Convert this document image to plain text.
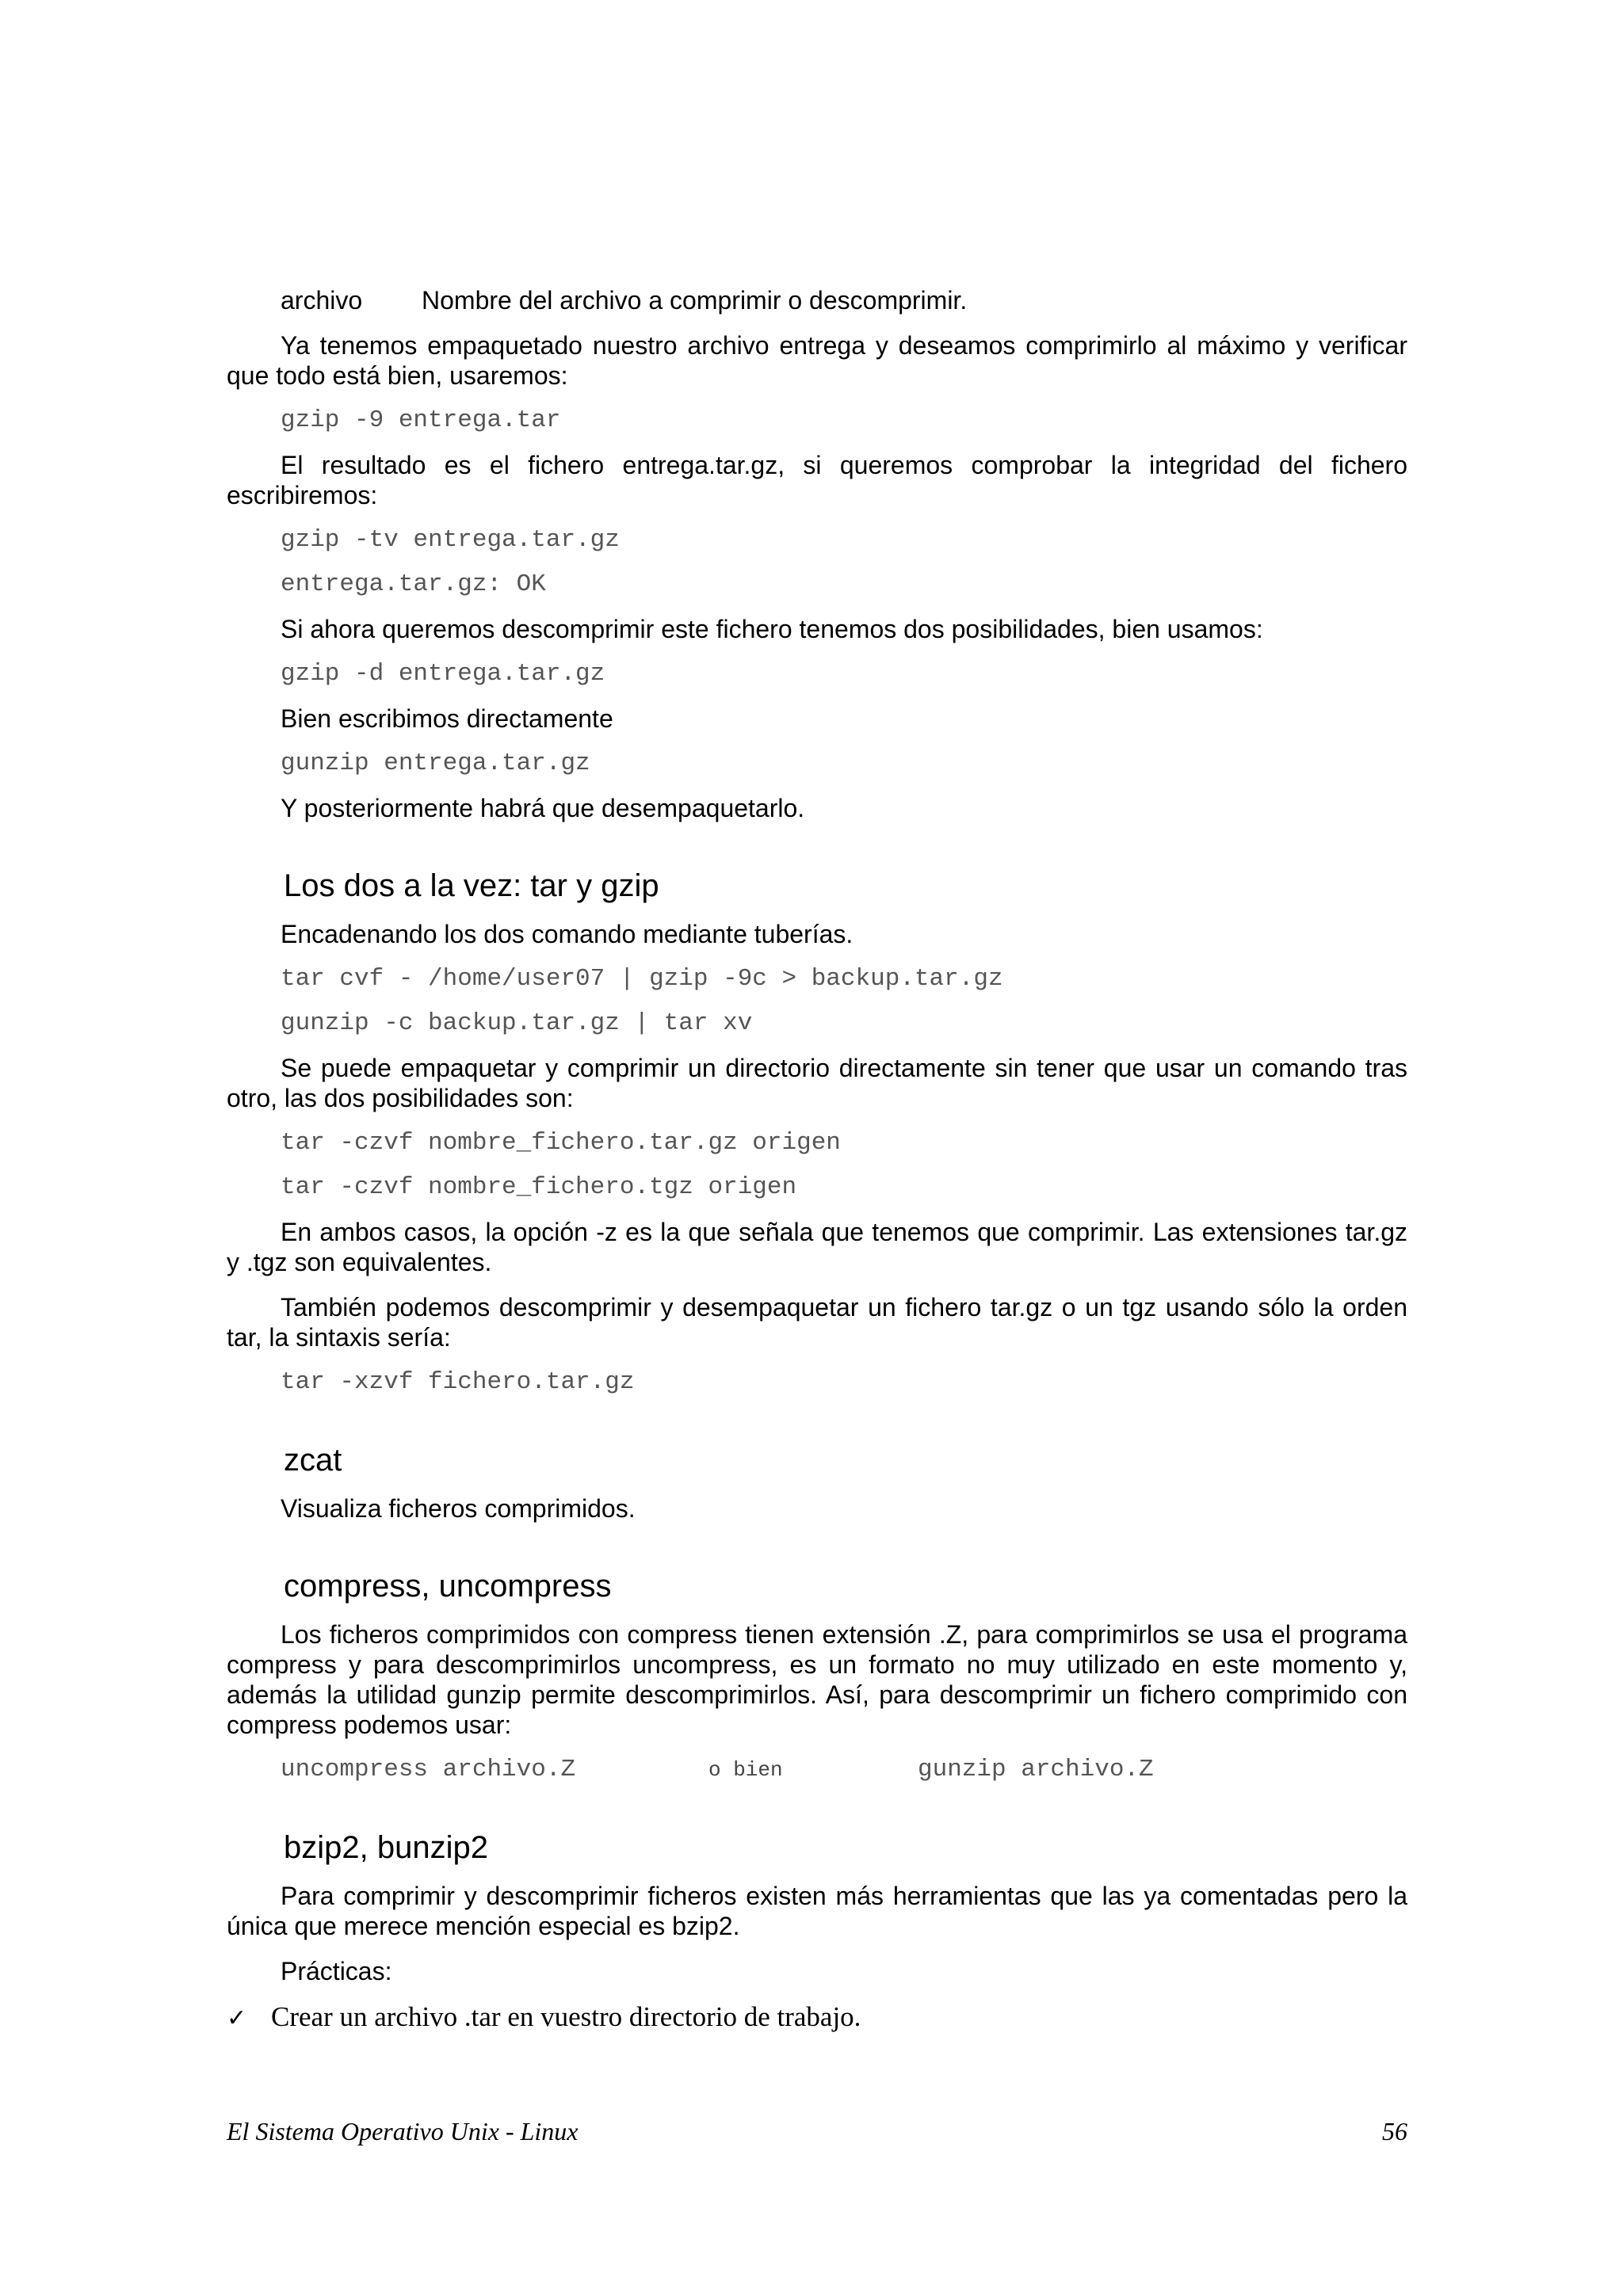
archivo	Nombre del archivo a comprimir o descomprimir.

Ya tenemos empaquetado nuestro archivo entrega y deseamos comprimirlo al máximo y verificar que todo está bien, usaremos:

gzip -9 entrega.tar

El resultado es el fichero entrega.tar.gz, si queremos comprobar la integridad del fichero escribiremos:

gzip -tv entrega.tar.gz
entrega.tar.gz: OK
Si ahora queremos descomprimir este fichero tenemos dos posibilidades, bien usamos:
gzip -d entrega.tar.gz
Bien escribimos directamente
gunzip entrega.tar.gz
Y posteriormente habrá que desempaquetarlo.
Los dos a la vez: tar y gzip
Encadenando los dos comando mediante tuberías.
tar cvf - /home/user07 | gzip -9c > backup.tar.gz
gunzip -c backup.tar.gz | tar xv

Se puede empaquetar y comprimir un directorio directamente sin tener que usar un comando tras otro, las dos posibilidades son:

tar -czvf nombre_fichero.tar.gz origen
tar -czvf nombre_fichero.tgz origen

En ambos casos, la opción -z es la que señala que tenemos que comprimir. Las extensiones tar.gz y .tgz son equivalentes.

También podemos descomprimir y desempaquetar un fichero tar.gz o un tgz usando sólo la orden tar, la sintaxis sería:

tar -xzvf fichero.tar.gz
zcat
Visualiza ficheros comprimidos.
compress, uncompress

Los ficheros comprimidos con compress tienen extensión .Z, para comprimirlos se usa el programa compress y para descomprimirlos uncompress, es un formato no muy utilizado en este momento y, además la utilidad gunzip permite descomprimirlos. Así, para descomprimir un fichero comprimido con compress podemos usar:

uncompress archivo.Z	o bien	gunzip archivo.Z
bzip2, bunzip2

Para comprimir y descomprimir ficheros existen más herramientas que las ya comentadas pero la única que merece mención especial es bzip2.

Prácticas:
✓ Crear un archivo .tar en vuestro directorio de trabajo.
El Sistema Operativo Unix - Linux	56
